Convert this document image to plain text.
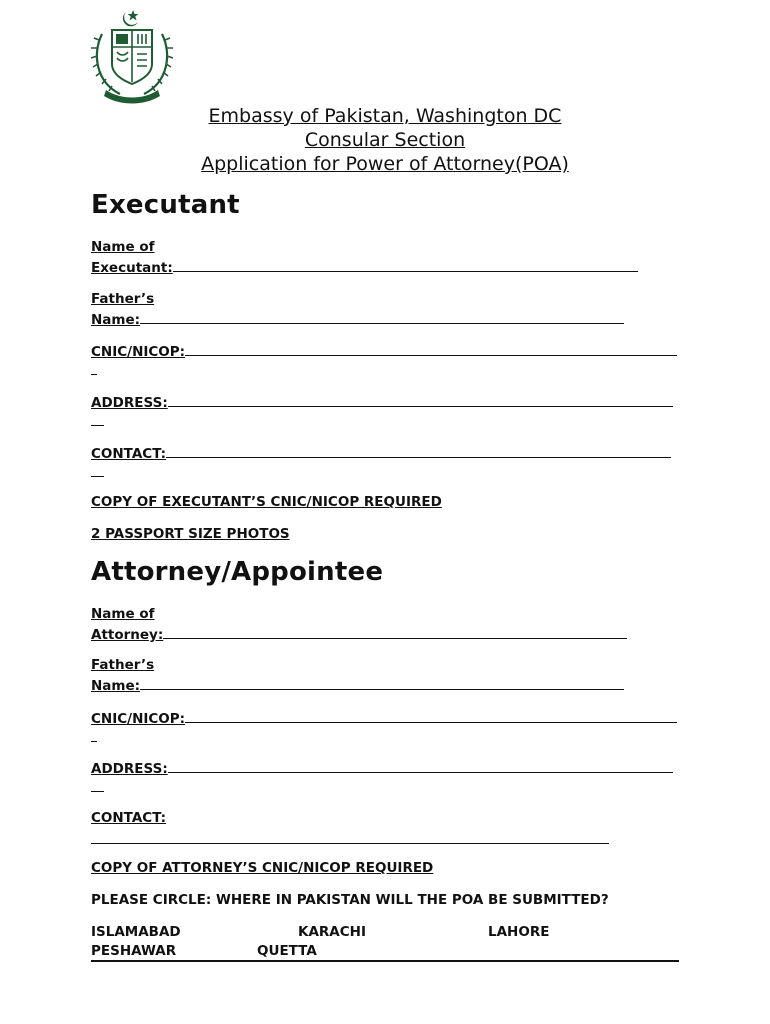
Embassy of Pakistan, Washington DC
Consular Section
Application for Power of Attorney(POA)
Executant
Name of
Executant:
Father’s
Name:
CNIC/NICOP:
ADDRESS:
CONTACT:
COPY OF EXECUTANT’S CNIC/NICOP REQUIRED
2 PASSPORT SIZE PHOTOS
Attorney/Appointee
Name of
Attorney:
Father’s
Name:
CNIC/NICOP:
ADDRESS:
CONTACT:
COPY OF ATTORNEY’S CNIC/NICOP REQUIRED
PLEASE CIRCLE: WHERE IN PAKISTAN WILL THE POA BE SUBMITTED?
ISLAMABAD	KARACHI	LAHORE
PESHAWAR	QUETTA
